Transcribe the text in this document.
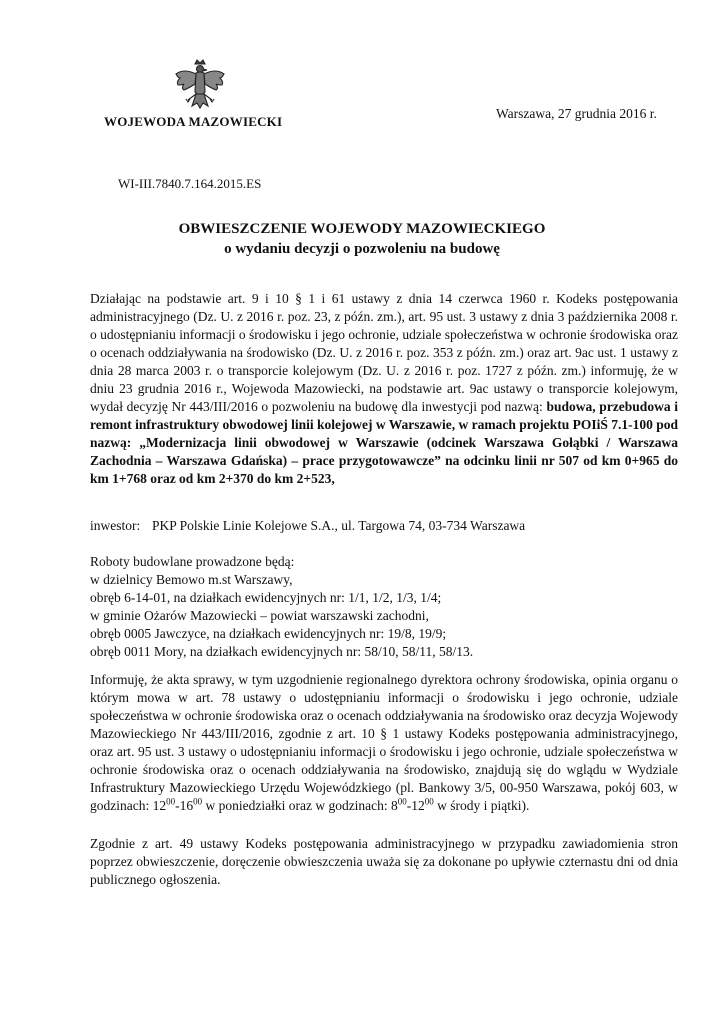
WOJEWODA MAZOWIECKI
Warszawa, 27 grudnia 2016 r.
WI-III.7840.7.164.2015.ES
OBWIESZCZENIE WOJEWODY MAZOWIECKIEGO
o wydaniu decyzji o pozwoleniu na budowę
Działając na podstawie art. 9 i 10 § 1 i 61 ustawy z dnia 14 czerwca 1960 r. Kodeks postępowania administracyjnego (Dz. U. z 2016 r. poz. 23, z późn. zm.), art. 95 ust. 3 ustawy z dnia 3 października 2008 r. o udostępnianiu informacji o środowisku i jego ochronie, udziale społeczeństwa w ochronie środowiska oraz o ocenach oddziaływania na środowisko (Dz. U. z 2016 r. poz. 353 z późn. zm.) oraz art. 9ac ust. 1 ustawy z dnia 28 marca 2003 r. o transporcie kolejowym (Dz. U. z 2016 r. poz. 1727 z późn. zm.) informuję, że w dniu 23 grudnia 2016 r., Wojewoda Mazowiecki, na podstawie art. 9ac ustawy o transporcie kolejowym, wydał decyzję Nr 443/III/2016 o pozwoleniu na budowę dla inwestycji pod nazwą: budowa, przebudowa i remont infrastruktury obwodowej linii kolejowej w Warszawie, w ramach projektu POIiŚ 7.1-100 pod nazwą: „Modernizacja linii obwodowej w Warszawie (odcinek Warszawa Gołąbki / Warszawa Zachodnia – Warszawa Gdańska) – prace przygotowawcze” na odcinku linii nr 507 od km 0+965 do km 1+768 oraz od km 2+370 do km 2+523,
inwestor: PKP Polskie Linie Kolejowe S.A., ul. Targowa 74, 03-734 Warszawa
Roboty budowlane prowadzone będą:
w dzielnicy Bemowo m.st Warszawy,
obręb 6-14-01, na działkach ewidencyjnych nr: 1/1, 1/2, 1/3, 1/4;
w gminie Ożarów Mazowiecki – powiat warszawski zachodni,
obręb 0005 Jawczyce, na działkach ewidencyjnych nr: 19/8, 19/9;
obręb 0011 Mory, na działkach ewidencyjnych nr: 58/10, 58/11, 58/13.
Informuję, że akta sprawy, w tym uzgodnienie regionalnego dyrektora ochrony środowiska, opinia organu o którym mowa w art. 78 ustawy o udostępnianiu informacji o środowisku i jego ochronie, udziale społeczeństwa w ochronie środowiska oraz o ocenach oddziaływania na środowisko oraz decyzja Wojewody Mazowieckiego Nr 443/III/2016, zgodnie z art. 10 § 1 ustawy Kodeks postępowania administracyjnego, oraz art. 95 ust. 3 ustawy o udostępnianiu informacji o środowisku i jego ochronie, udziale społeczeństwa w ochronie środowiska oraz o ocenach oddziaływania na środowisko, znajdują się do wglądu w Wydziale Infrastruktury Mazowieckiego Urzędu Wojewódzkiego (pl. Bankowy 3/5, 00-950 Warszawa, pokój 603, w godzinach: $12^{00}-16^{00}$ w poniedziałki oraz w godzinach: $8^{00}-12^{00}$ w środy i piątki).
Zgodnie z art. 49 ustawy Kodeks postępowania administracyjnego w przypadku zawiadomienia stron poprzez obwieszczenie, doręczenie obwieszczenia uważa się za dokonane po upływie czternastu dni od dnia publicznego ogłoszenia.
